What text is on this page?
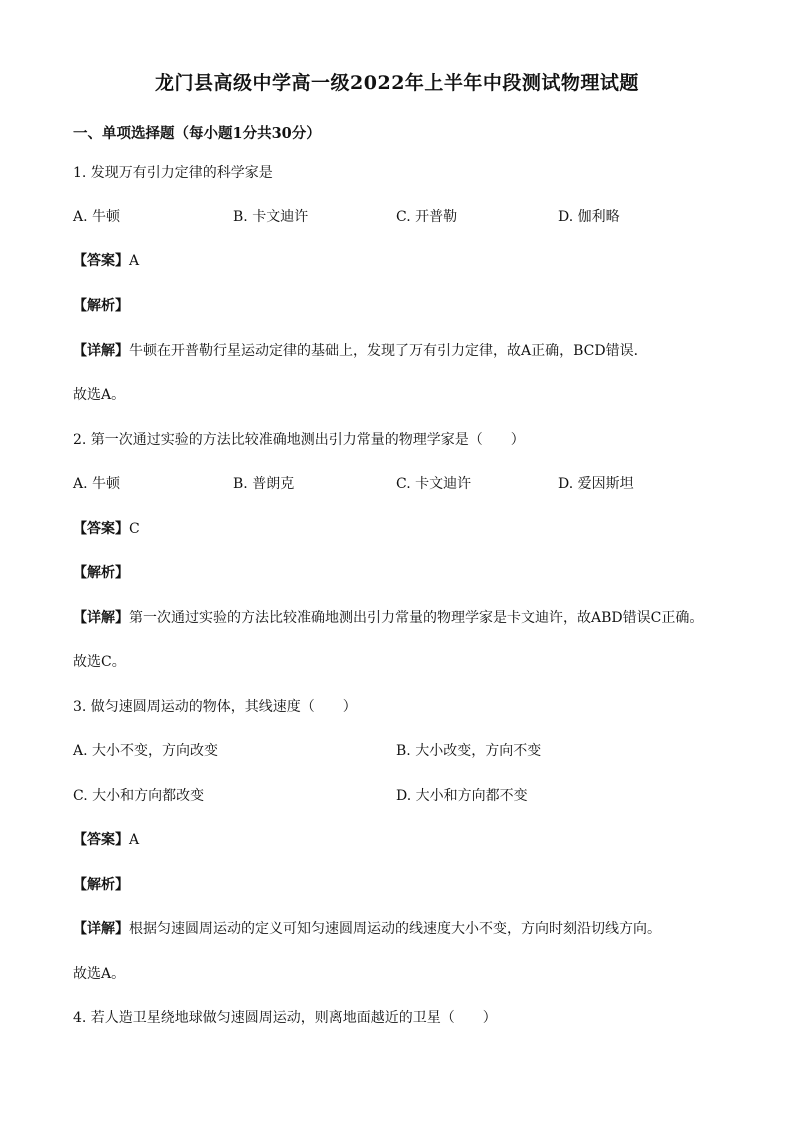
龙门县高级中学高一级2022年上半年中段测试物理试题
一、单项选择题（每小题1分共30分）
1. 发现万有引力定律的科学家是
A. 牛顿	B. 卡文迪许	C. 开普勒	D. 伽利略
【答案】A
【解析】
【详解】牛顿在开普勒行星运动定律的基础上，发现了万有引力定律，故A正确，BCD错误．
故选A。
2. 第一次通过实验的方法比较准确地测出引力常量的物理学家是（　　）
A. 牛顿	B. 普朗克	C. 卡文迪许	D. 爱因斯坦
【答案】C
【解析】
【详解】第一次通过实验的方法比较准确地测出引力常量的物理学家是卡文迪许，故ABD错误C正确。
故选C。
3. 做匀速圆周运动的物体，其线速度（　　）
A. 大小不变，方向改变	B. 大小改变，方向不变
C. 大小和方向都改变	D. 大小和方向都不变
【答案】A
【解析】
【详解】根据匀速圆周运动的定义可知匀速圆周运动的线速度大小不变，方向时刻沿切线方向。
故选A。
4. 若人造卫星绕地球做匀速圆周运动，则离地面越近的卫星（　　）
